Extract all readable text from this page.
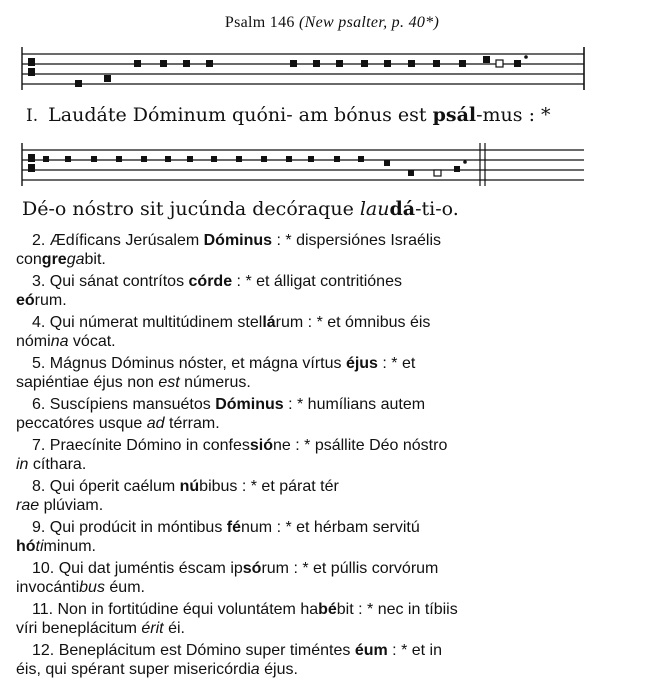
Psalm 146 (New psalter, p. 40*)
I. Laudáte Dóminum quóni- am bónus est psál-mus : *
Dé-o nóstro sit jucúnda decóraque laudá-ti-o.
2. Ædíficans Jerúsalem Dóminus : * dispersiónes Israélis
congregabit.
3. Qui sánat contrítos córde : * et álligat contritiónes
eórum.
4. Qui númerat multitúdinem stellárum : * et ómnibus éis
nómina vócat.
5. Mágnus Dóminus nóster, et mágna vírtus éjus : * et
sapiéntiae éjus non est númerus.
6. Suscípiens mansuétos Dóminus : * humílians autem
peccatóres usque ad térram.
7. Praecínite Dómino in confessióne : * psállite Déo nóstro
in cíthara.
8. Qui óperit caélum núbibus : * et párat tér
rae plúviam.
9. Qui prodúcit in móntibus fénum : * et hérbam servitú
hótiminum.
10. Qui dat juméntis éscam ipsórum : * et púllis corvórum
invocántibus éum.
11. Non in fortitúdine équi voluntátem habébit : * nec in tíbiis
víri beneplácitum érit éi.
12. Beneplácitum est Dómino super timéntes éum : * et in
éis, qui spérant super misericórdia éjus.
